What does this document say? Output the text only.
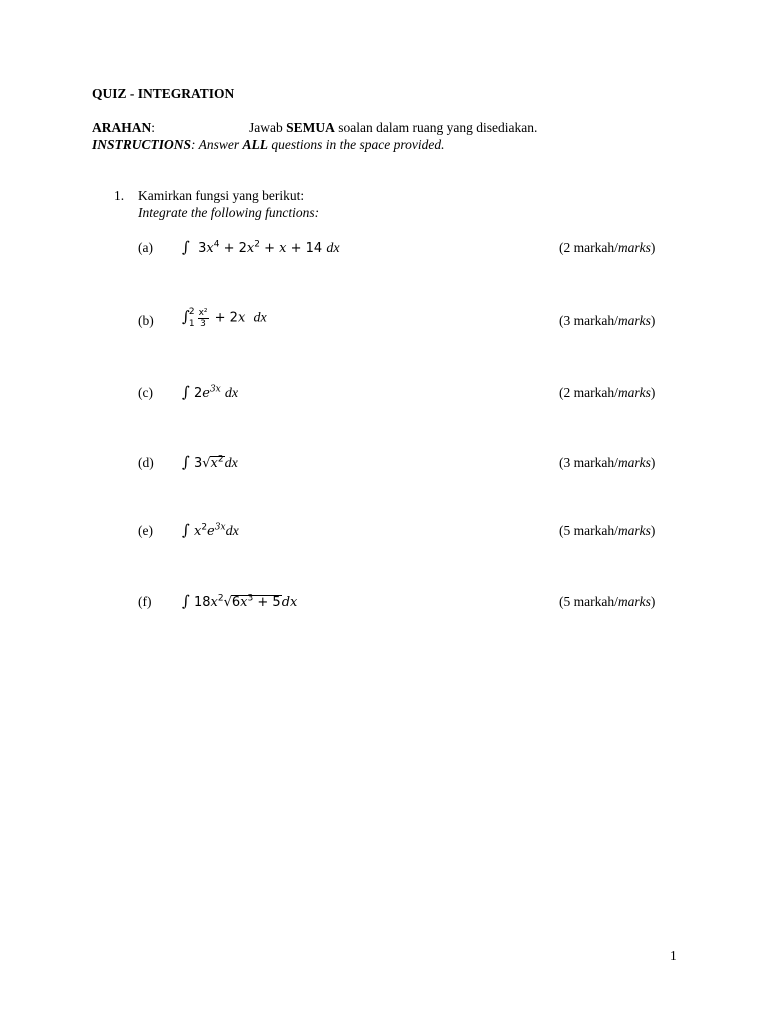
QUIZ - INTEGRATION
ARAHAN:	Jawab SEMUA soalan dalam ruang yang disediakan.
INSTRUCTIONS: Answer ALL questions in the space provided.
1. Kamirkan fungsi yang berikut:
Integrate the following functions:
(a) ∫ $3x^4 + 2x^2 + x + 14$ dx	(2 markah/marks)
(b) ∫ 2
$1 \frac{\text{x²}}{3} + 2x$ dx	(3 markah/marks)
(c) ∫ $2e^{3x}$ dx	(2 markah/marks)
(d) ∫ $3√x^2dx$	(3 markah/marks)
(e) ∫ $x^2e^{3x}dx$	(5 markah/marks)
(f) ∫ $18x^2√6x^3 + 5dx$	(5 markah/marks)
1
